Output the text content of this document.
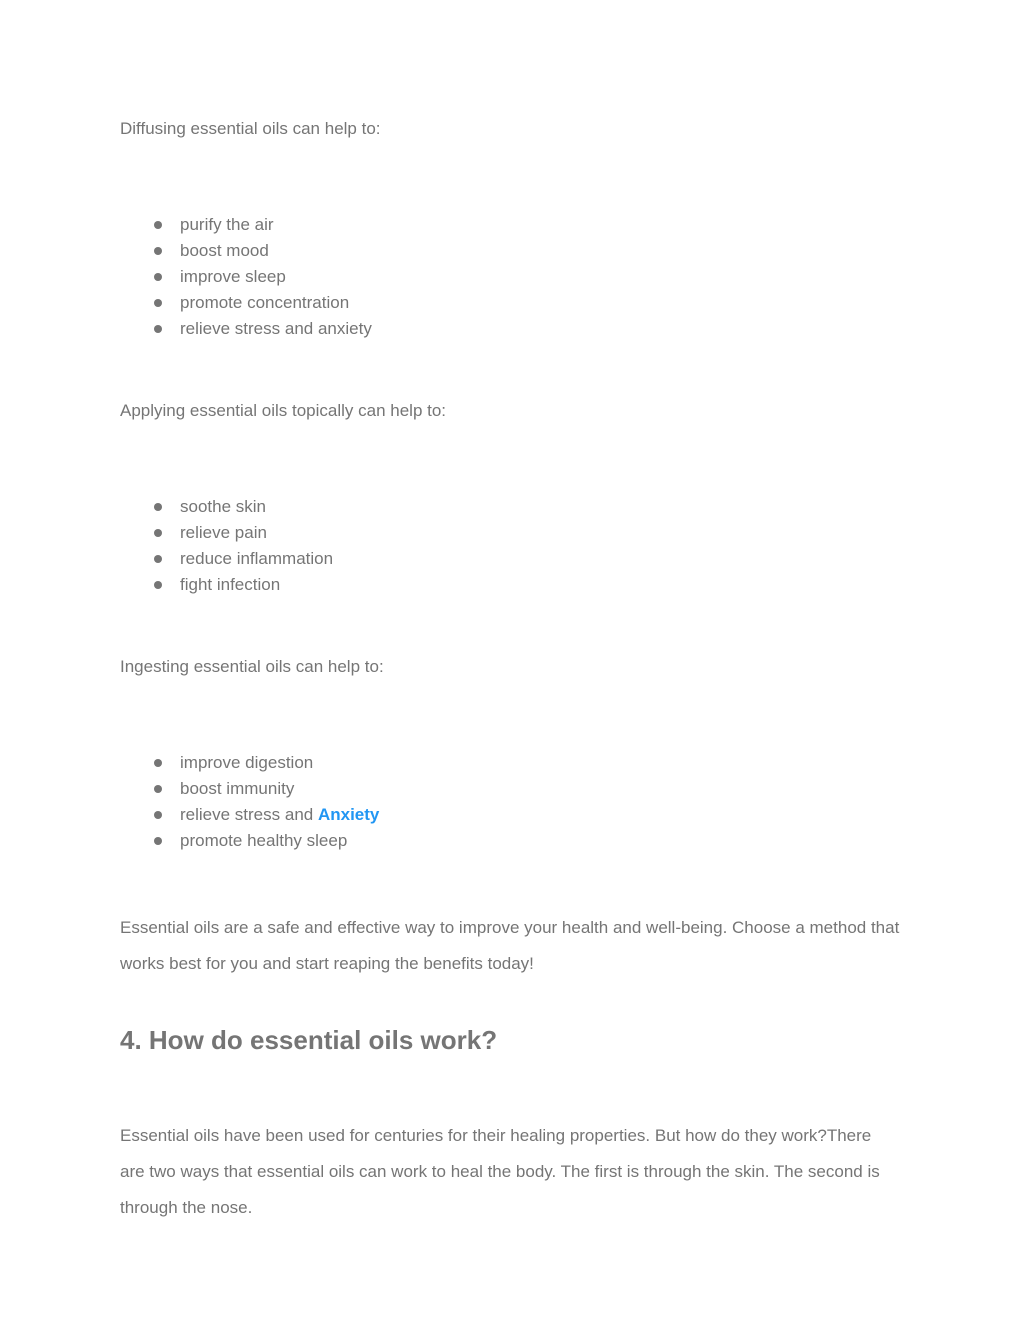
Diffusing essential oils can help to:

purify the air
boost mood
improve sleep
promote concentration
relieve stress and anxiety

Applying essential oils topically can help to:

soothe skin
relieve pain
reduce inflammation
fight infection

Ingesting essential oils can help to:

improve digestion
boost immunity
relieve stress and Anxiety
promote healthy sleep

Essential oils are a safe and effective way to improve your health and well-being. Choose a method that works best for you and start reaping the benefits today!

4. How do essential oils work?

Essential oils have been used for centuries for their healing properties. But how do they work?There are two ways that essential oils can work to heal the body. The first is through the skin. The second is through the nose.
